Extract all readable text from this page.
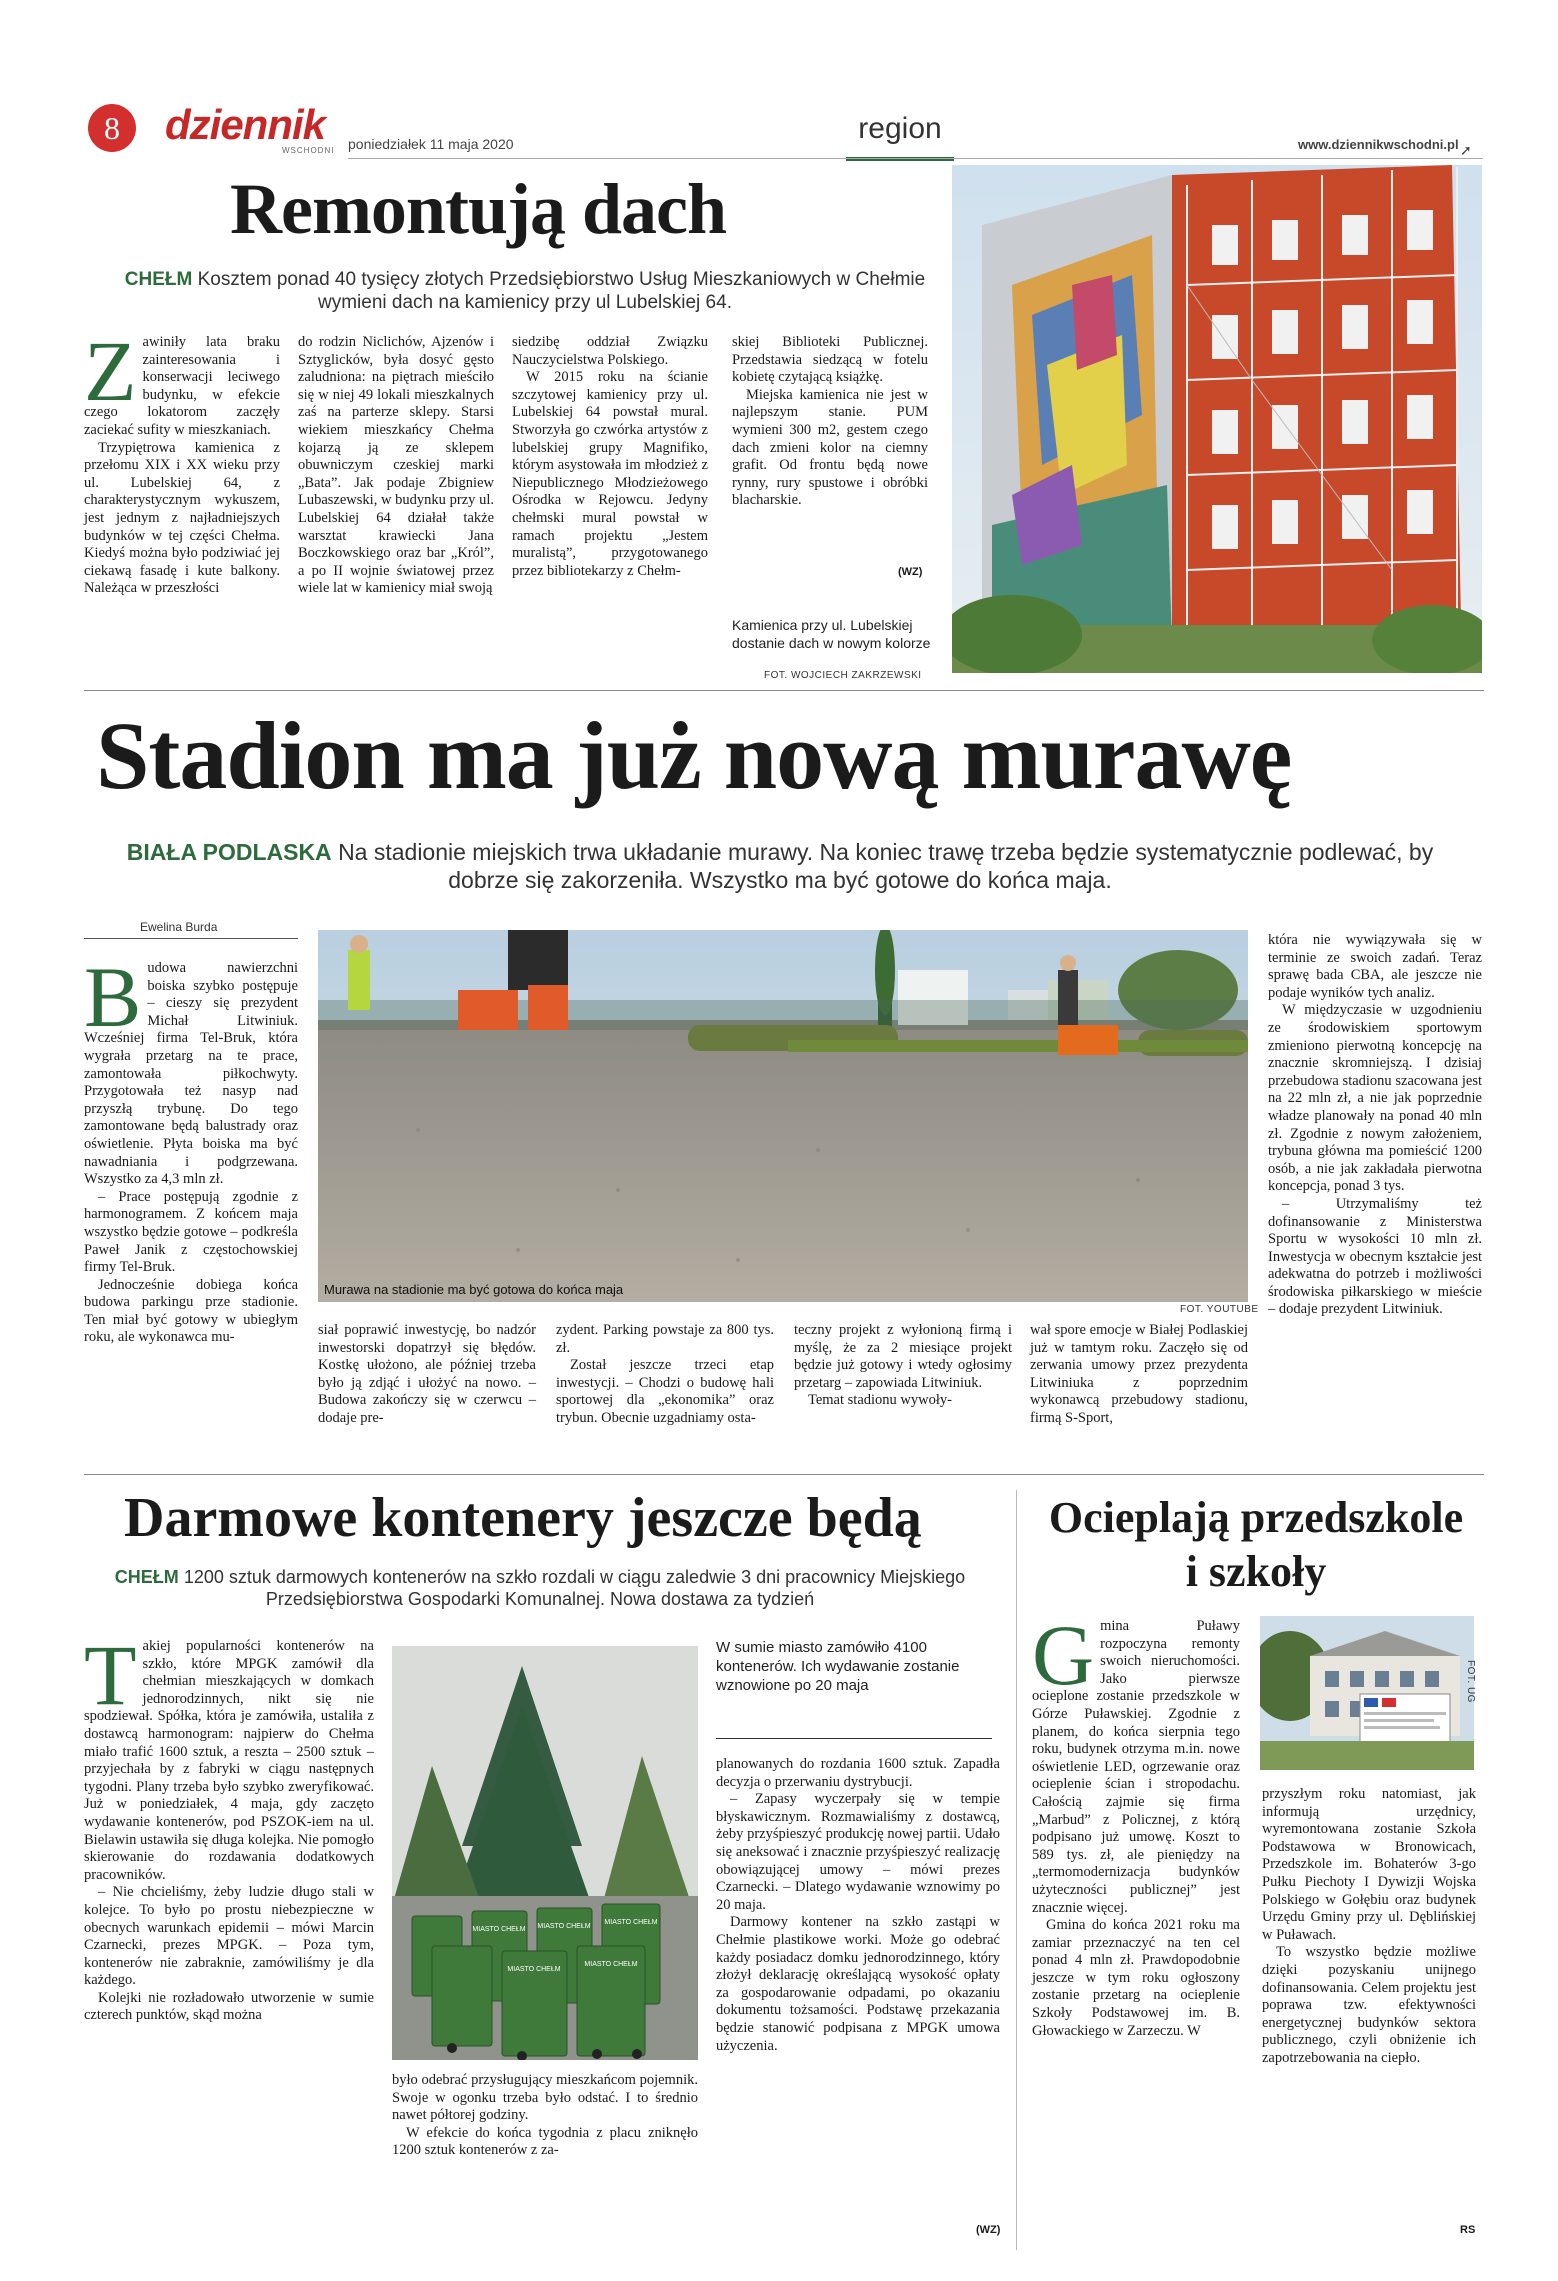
8	dziennik
WSCHODNI poniedziałek 11 maja 2020	region	www.dziennikwschodni.pl ➚
Remontują dach
CHEŁM Kosztem ponad 40 tysięcy złotych Przedsiębiorstwo Usług Mieszkaniowych w Chełmie wymieni dach na kamienicy przy ul Lubelskiej 64.
Z awiniły lata braku zainteresowania i konserwacji leciwego budynku, w efekcie czego lokatorom zaczęły zaciekać sufity w mieszkaniach.

Trzypiętrowa kamienica z przełomu XIX i XX wieku przy ul. Lubelskiej 64, z charakterystycznym wykuszem, jest jednym z najładniejszych budynków w tej części Chełma. Kiedyś można było podziwiać jej ciekawą fasadę i kute balkony. Należąca w przeszłości

do rodzin Niclichów, Ajzenów i Sztyglicków, była dosyć gęsto zaludniona: na piętrach mieściło się w niej 49 lokali mieszkalnych zaś na parterze sklepy. Starsi wiekiem mieszkańcy Chełma kojarzą ją ze sklepem obuwniczym czeskiej marki „Bata”. Jak podaje Zbigniew Lubaszewski, w budynku przy ul. Lubelskiej 64 działał także warsztat krawiecki Jana Boczkowskiego oraz bar „Król”, a po II wojnie światowej przez wiele lat w kamienicy miał swoją

siedzibę oddział Związku Nauczycielstwa Polskiego.

W 2015 roku na ścianie szczytowej kamienicy przy ul. Lubelskiej 64 powstał mural. Stworzyła go czwórka artystów z lubelskiej grupy Magnifiko, którym asystowała im młodzież z Niepublicznego Młodzieżowego Ośrodka w Rejowcu. Jedyny chełmski mural powstał w ramach projektu „Jestem muralistą”, przygotowanego przez bibliotekarzy z Chełm-

skiej Biblioteki Publicznej. Przedstawia siedzącą w fotelu kobietę czytającą książkę.

Miejska kamienica nie jest w najlepszym stanie. PUM wymieni 300 m2, gestem czego dach zmieni kolor na ciemny grafit. Od frontu będą nowe rynny, rury spustowe i obróbki blacharskie.

(WZ)
Kamienica przy ul. Lubelskiej dostanie dach w nowym kolorze
FOT. WOJCIECH ZAKRZEWSKI
Stadion ma już nową murawę
BIAŁA PODLASKA Na stadionie miejskich trwa układanie murawy. Na koniec trawę trzeba będzie systematycznie podlewać, by dobrze się zakorzeniła. Wszystko ma być gotowe do końca maja.
Ewelina Burda
B udowa nawierzchni boiska szybko postępuje – cieszy się prezydent Michał Litwiniuk. Wcześniej firma Tel-Bruk, która wygrała przetarg na te prace, zamontowała piłkochwyty. Przygotowała też nasyp nad przyszłą trybunę. Do tego zamontowane będą balustrady oraz oświetlenie. Płyta boiska ma być nawadniania i podgrzewana. Wszystko za 4,3 mln zł.

– Prace postępują zgodnie z harmonogramem. Z końcem maja wszystko będzie gotowe – podkreśla Paweł Janik z częstochowskiej firmy Tel-Bruk.

Jednocześnie dobiega końca budowa parkingu prze stadionie. Ten miał być gotowy w ubiegłym roku, ale wykonawca mu-

Murawa na stadionie ma być gotowa do końca maja
FOT. YOUTUBE

siał poprawić inwestycję, bo nadzór inwestorski dopatrzył się błędów. Kostkę ułożono, ale później trzeba było ją zdjąć i ułożyć na nowo. – Budowa zakończy się w czerwcu – dodaje pre-

zydent. Parking powstaje za 800 tys. zł.

Został jeszcze trzeci etap inwestycji. – Chodzi o budowę hali sportowej dla „ekonomika” oraz trybun. Obecnie uzgadniamy osta-

teczny projekt z wyłonioną firmą i myślę, że za 2 miesiące projekt będzie już gotowy i wtedy ogłosimy przetarg – zapowiada Litwiniuk.

Temat stadionu wywoły-

wał spore emocje w Białej Podlaskiej już w tamtym roku. Zaczęło się od zerwania umowy przez prezydenta Litwiniuka z poprzednim wykonawcą przebudowy stadionu, firmą S-Sport,

która nie wywiązywała się w terminie ze swoich zadań. Teraz sprawę bada CBA, ale jeszcze nie podaje wyników tych analiz.

W międzyczasie w uzgodnieniu ze środowiskiem sportowym zmieniono pierwotną koncepcję na znacznie skromniejszą. I dzisiaj przebudowa stadionu szacowana jest na 22 mln zł, a nie jak poprzednie władze planowały na ponad 40 mln zł. Zgodnie z nowym założeniem, trybuna główna ma pomieścić 1200 osób, a nie jak zakładała pierwotna koncepcja, ponad 3 tys.

– Utrzymaliśmy też dofinansowanie z Ministerstwa Sportu w wysokości 10 mln zł. Inwestycja w obecnym kształcie jest adekwatna do potrzeb i możliwości środowiska piłkarskiego w mieście – dodaje prezydent Litwiniuk.

Darmowe kontenery jeszcze będą
CHEŁM 1200 sztuk darmowych kontenerów na szkło rozdali w ciągu zaledwie 3 dni pracownicy Miejskiego Przedsiębiorstwa Gospodarki Komunalnej. Nowa dostawa za tydzień
T akiej popularności kontenerów na szkło, które MPGK zamówił dla chełmian mieszkających w domkach jednorodzinnych, nikt się nie spodziewał. Spółka, która je zamówiła, ustaliła z dostawcą harmonogram: najpierw do Chełma miało trafić 1600 sztuk, a reszta – 2500 sztuk – przyjechała by z fabryki w ciągu następnych tygodni. Plany trzeba było szybko zweryfikować. Już w poniedziałek, 4 maja, gdy zaczęto wydawanie kontenerów, pod PSZOK-iem na ul. Bielawin ustawiła się długa kolejka. Nie pomogło skierowanie do rozdawania dodatkowych pracowników.

– Nie chcieliśmy, żeby ludzie długo stali w kolejce. To było po prostu niebezpieczne w obecnych warunkach epidemii – mówi Marcin Czarnecki, prezes MPGK. – Poza tym, kontenerów nie zabraknie, zamówiliśmy je dla każdego.

Kolejki nie rozładowało utworzenie w sumie czterech punktów, skąd można

MIASTO CHEŁM MIASTO CHEŁM
MIASTO CHEŁM
MIASTO CHEŁM
MIASTO CHEŁM

było odebrać przysługujący mieszkańcom pojemnik. Swoje w ogonku trzeba było odstać. I to średnio nawet półtorej godziny.

W efekcie do końca tygodnia z placu zniknęło 1200 sztuk kontenerów z za-

W sumie miasto zamówiło 4100 kontenerów. Ich wydawanie zostanie wznowione po 20 maja

planowanych do rozdania 1600 sztuk. Zapadła decyzja o przerwaniu dystrybucji.

– Zapasy wyczerpały się w tempie błyskawicznym. Rozmawialiśmy z dostawcą, żeby przyśpieszyć produkcję nowej partii. Udało się aneksować i znacznie przyśpieszyć realizację obowiązującej umowy – mówi prezes Czarnecki. – Dlatego wydawanie wznowimy po 20 maja.

Darmowy kontener na szkło zastąpi w Chełmie plastikowe worki. Może go odebrać każdy posiadacz domku jednorodzinnego, który złożył deklarację określającą wysokość opłaty za gospodarowanie odpadami, po okazaniu dokumentu tożsamości. Podstawę przekazania będzie stanowić podpisana z MPGK umowa użyczenia.

(WZ)
Ocieplają przedszkole
i szkoły
G mina Puławy rozpoczyna remonty swoich nieruchomości. Jako pierwsze ocieplone zostanie przedszkole w Górze Puławskiej. Zgodnie z planem, do końca sierpnia tego roku, budynek otrzyma m.in. nowe oświetlenie LED, ogrzewanie oraz ocieplenie ścian i stropodachu. Całością zajmie się firma „Marbud” z Policznej, z którą podpisano już umowę. Koszt to 589 tys. zł, ale pieniędzy na „termomodernizacja budynków użyteczności publicznej” jest znacznie więcej.

Gmina do końca 2021 roku ma zamiar przeznaczyć na ten cel ponad 4 mln zł. Prawdopodobnie jeszcze w tym roku ogłoszony zostanie przetarg na ocieplenie Szkoły Podstawowej im. B. Głowackiego w Zarzeczu. W

FOT. UG

przyszłym roku natomiast, jak informują urzędnicy, wyremontowana zostanie Szkoła Podstawowa w Bronowicach, Przedszkole im. Bohaterów 3-go Pułku Piechoty I Dywizji Wojska Polskiego w Gołębiu oraz budynek Urzędu Gminy przy ul. Dęblińskiej w Puławach.

To wszystko będzie możliwe dzięki pozyskaniu unijnego dofinansowania. Celem projektu jest poprawa tzw. efektywności energetycznej budynków sektora publicznego, czyli obniżenie ich zapotrzebowania na ciepło.

RS
